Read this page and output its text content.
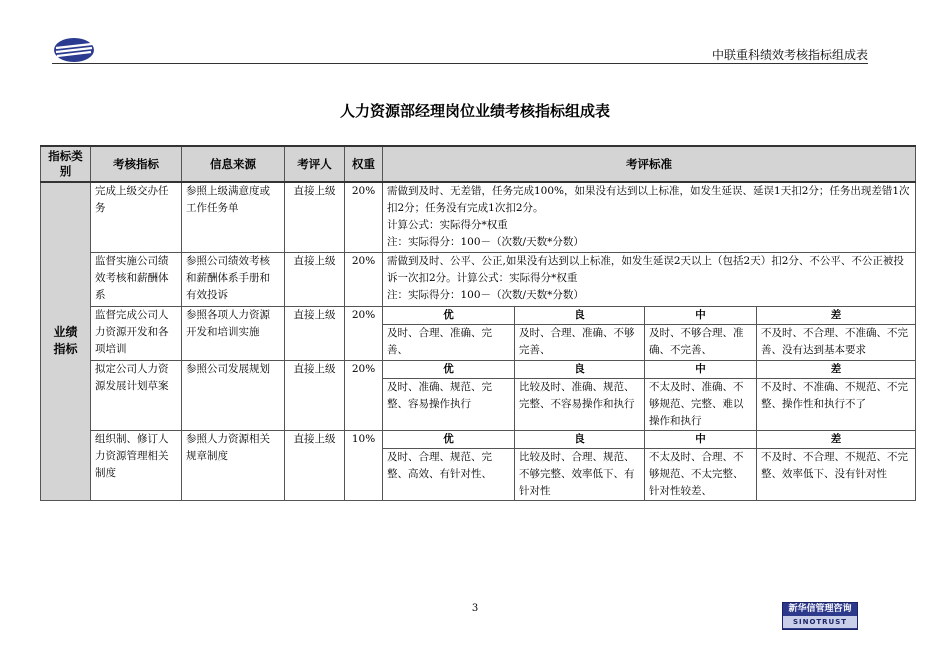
中联重科绩效考核指标组成表
人力资源部经理岗位业绩考核指标组成表
指标类别	考核指标	信息来源	考评人	权重	考评标准			
业绩指标	完成上级交办任务	参照上级满意度或工作任务单	直接上级	20%	需做到及时、无差错，任务完成100%，如果没有达到以上标准，如发生延误、延误1天扣2分；任务出现差错1次扣2分；任务没有完成1次扣2分。
计算公式：实际得分*权重
注：实际得分：100－（次数/天数*分数）			
	监督实施公司绩效考核和薪酬体系	参照公司绩效考核和薪酬体系手册和有效投诉	直接上级	20%	需做到及时、公平、公正,如果没有达到以上标准，如发生延误2天以上（包括2天）扣2分、不公平、不公正被投诉一次扣2分。计算公式：实际得分*权重
注：实际得分：100－（次数/天数*分数）			
	监督完成公司人力资源开发和各项培训	参照各项人力资源开发和培训实施	直接上级	20%	优	良	中	差
					及时、合理、准确、完善、	及时、合理、准确、不够完善、	及时、不够合理、准确、不完善、	不及时、不合理、不准确、不完善、没有达到基本要求
	拟定公司人力资源发展计划草案	参照公司发展规划	直接上级	20%	优	良	中	差
					及时、准确、规范、完整、容易操作执行	比较及时、准确、规范、完整、不容易操作和执行	不太及时、准确、不够规范、完整、难以操作和执行	不及时、不准确、不规范、不完整、操作性和执行不了
	组织制、修订人力资源管理相关制度	参照人力资源相关规章制度	直接上级	10%	优	良	中	差
					及时、合理、规范、完整、高效、有针对性、	比较及时、合理、规范、不够完整、效率低下、有针对性	不太及时、合理、不够规范、不太完整、针对性较差、	不及时、不合理、不规范、不完整、效率低下、没有针对性
3	新华信管理咨询
SINOTRUST
